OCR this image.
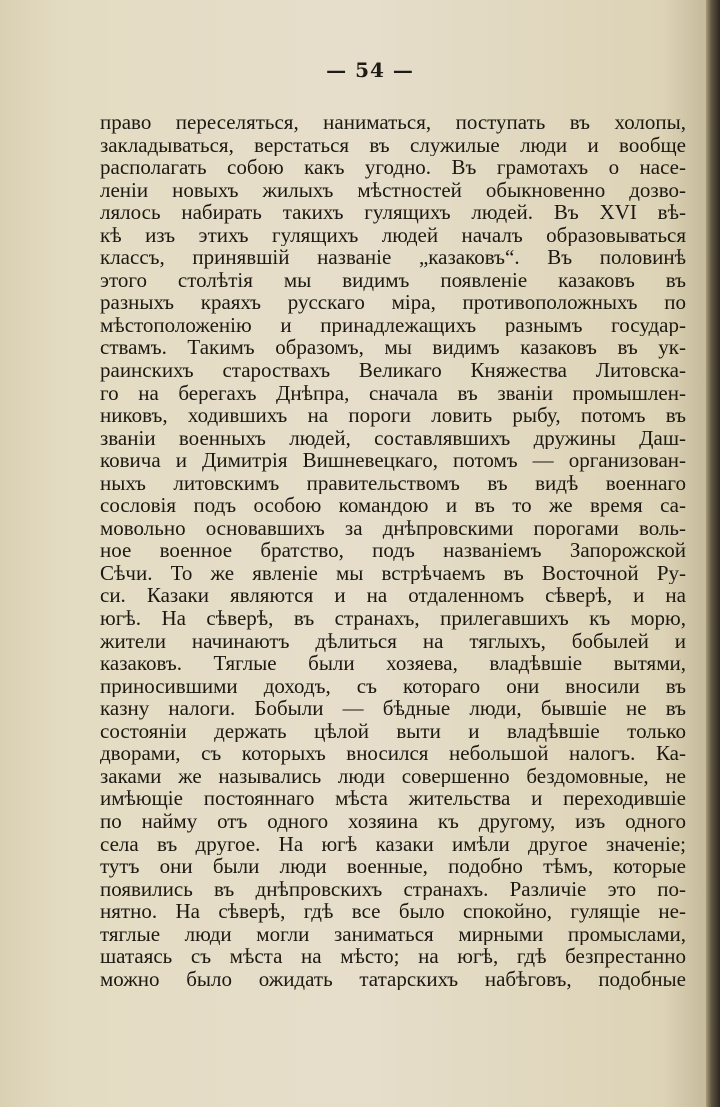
— 54 —
право переселяться, наниматься, поступать въ холопы,
закладываться, верстаться въ служилые люди и вообще
располагать собою какъ угодно. Въ грамотахъ о насе-
леніи новыхъ жилыхъ мѣстностей обыкновенно дозво-
лялось набирать такихъ гулящихъ людей. Въ XVI вѣ-
кѣ изъ этихъ гулящихъ людей началъ образовываться
классъ, принявшій названіе „казаковъ“. Въ половинѣ
этого столѣтія мы видимъ появленіе казаковъ въ
разныхъ краяхъ русскаго міра, противоположныхъ по
мѣстоположенію и принадлежащихъ разнымъ государ-
ствамъ. Такимъ образомъ, мы видимъ казаковъ въ ук-
раинскихъ староствахъ Великаго Княжества Литовска-
го на берегахъ Днѣпра, сначала въ званіи промышлен-
никовъ, ходившихъ на пороги ловить рыбу, потомъ въ
званіи военныхъ людей, составлявшихъ дружины Даш-
ковича и Димитрія Вишневецкаго, потомъ — организован-
ныхъ литовскимъ правительствомъ въ видѣ военнаго
сословія подъ особою командою и въ то же время са-
мовольно основавшихъ за днѣпровскими порогами воль-
ное военное братство, подъ названіемъ Запорожской
Сѣчи. То же явленіе мы встрѣчаемъ въ Восточной Ру-
си. Казаки являются и на отдаленномъ сѣверѣ, и на
югѣ. На сѣверѣ, въ странахъ, прилегавшихъ къ морю,
жители начинаютъ дѣлиться на тяглыхъ, бобылей и
казаковъ. Тяглые были хозяева, владѣвшіе вытями,
приносившими доходъ, съ котораго они вносили въ
казну налоги. Бобыли — бѣдные люди, бывшіе не въ
состояніи держать цѣлой выти и владѣвшіе только
дворами, съ которыхъ вносился небольшой налогъ. Ка-
заками же назывались люди совершенно бездомовные, не
имѣющіе постояннаго мѣста жительства и переходившіе
по найму отъ одного хозяина къ другому, изъ одного
села въ другое. На югѣ казаки имѣли другое значеніе;
тутъ они были люди военные, подобно тѣмъ, которые
появились въ днѣпровскихъ странахъ. Различіе это по-
нятно. На сѣверѣ, гдѣ все было спокойно, гулящіе не-
тяглые люди могли заниматься мирными промыслами,
шатаясь съ мѣста на мѣсто; на югѣ, гдѣ безпрестанно
можно было ожидать татарскихъ набѣговъ, подобные
